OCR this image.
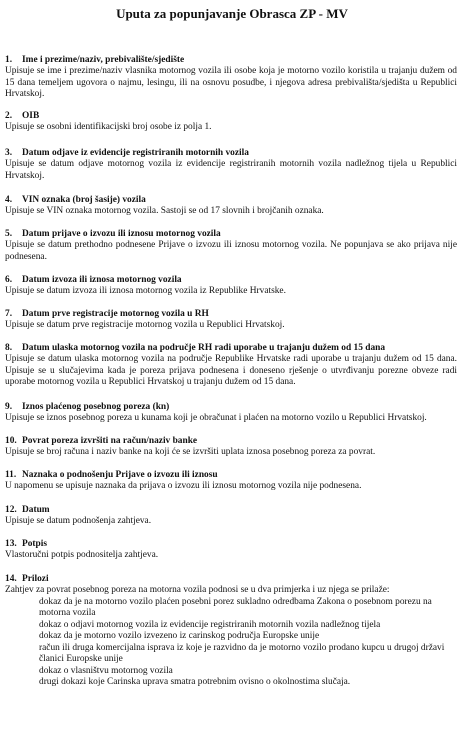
Uputa za popunjavanje Obrasca ZP - MV
1. Ime i prezime/naziv, prebivalište/sjedište

Upisuje se ime i prezime/naziv vlasnika motornog vozila ili osobe koja je motorno vozilo koristila u trajanju dužem od 15 dana temeljem ugovora o najmu, lesingu, ili na osnovu posudbe, i njegova adresa prebivališta/sjedišta u Republici Hrvatskoj.

2. OIB

Upisuje se osobni identifikacijski broj osobe iz polja 1.

3. Datum odjave iz evidencije registriranih motornih vozila

Upisuje se datum odjave motornog vozila iz evidencije registriranih motornih vozila nadležnog tijela u Republici Hrvatskoj.

4. VIN oznaka (broj šasije) vozila

Upisuje se VIN oznaka motornog vozila. Sastoji se od 17 slovnih i brojčanih oznaka.

5. Datum prijave o izvozu ili iznosu motornog vozila

Upisuje se datum prethodno podnesene Prijave o izvozu ili iznosu motornog vozila. Ne popunjava se ako prijava nije podnesena.

6. Datum izvoza ili iznosa motornog vozila

Upisuje se datum izvoza ili iznosa motornog vozila iz Republike Hrvatske.

7. Datum prve registracije motornog vozila u RH

Upisuje se datum prve registracije motornog vozila u Republici Hrvatskoj.

8. Datum ulaska motornog vozila na područje RH radi uporabe u trajanju dužem od 15 dana

Upisuje se datum ulaska motornog vozila na područje Republike Hrvatske radi uporabe u trajanju dužem od 15 dana. Upisuje se u slučajevima kada je poreza prijava podnesena i doneseno rješenje o utvrđivanju porezne obveze radi uporabe motornog vozila u Republici Hrvatskoj u trajanju dužem od 15 dana.

9. Iznos plaćenog posebnog poreza (kn)

Upisuje se iznos posebnog poreza u kunama koji je obračunat i plaćen na motorno vozilo u Republici Hrvatskoj.

10. Povrat poreza izvršiti na račun/naziv banke

Upisuje se broj računa i naziv banke na koji će se izvršiti uplata iznosa posebnog poreza za povrat.

11. Naznaka o podnošenju Prijave o izvozu ili iznosu

U napomenu se upisuje naznaka da prijava o izvozu ili iznosu motornog vozila nije podnesena.

12. Datum

Upisuje se datum podnošenja zahtjeva.

13. Potpis

Vlastoručni potpis podnositelja zahtjeva.

14. Prilozi

Zahtjev za povrat posebnog poreza na motorna vozila podnosi se u dva primjerka i uz njega se prilaže:

dokaz da je na motorno vozilo plaćen posebni porez sukladno odredbama Zakona o posebnom porezu na motorna vozila
dokaz o odjavi motornog vozila iz evidencije registriranih motornih vozila nadležnog tijela
dokaz da je motorno vozilo izvezeno iz carinskog područja Europske unije
račun ili druga komercijalna isprava iz koje je razvidno da je motorno vozilo prodano kupcu u drugoj državi članici Europske unije
dokaz o vlasništvu motornog vozila
drugi dokazi koje Carinska uprava smatra potrebnim ovisno o okolnostima slučaja.
